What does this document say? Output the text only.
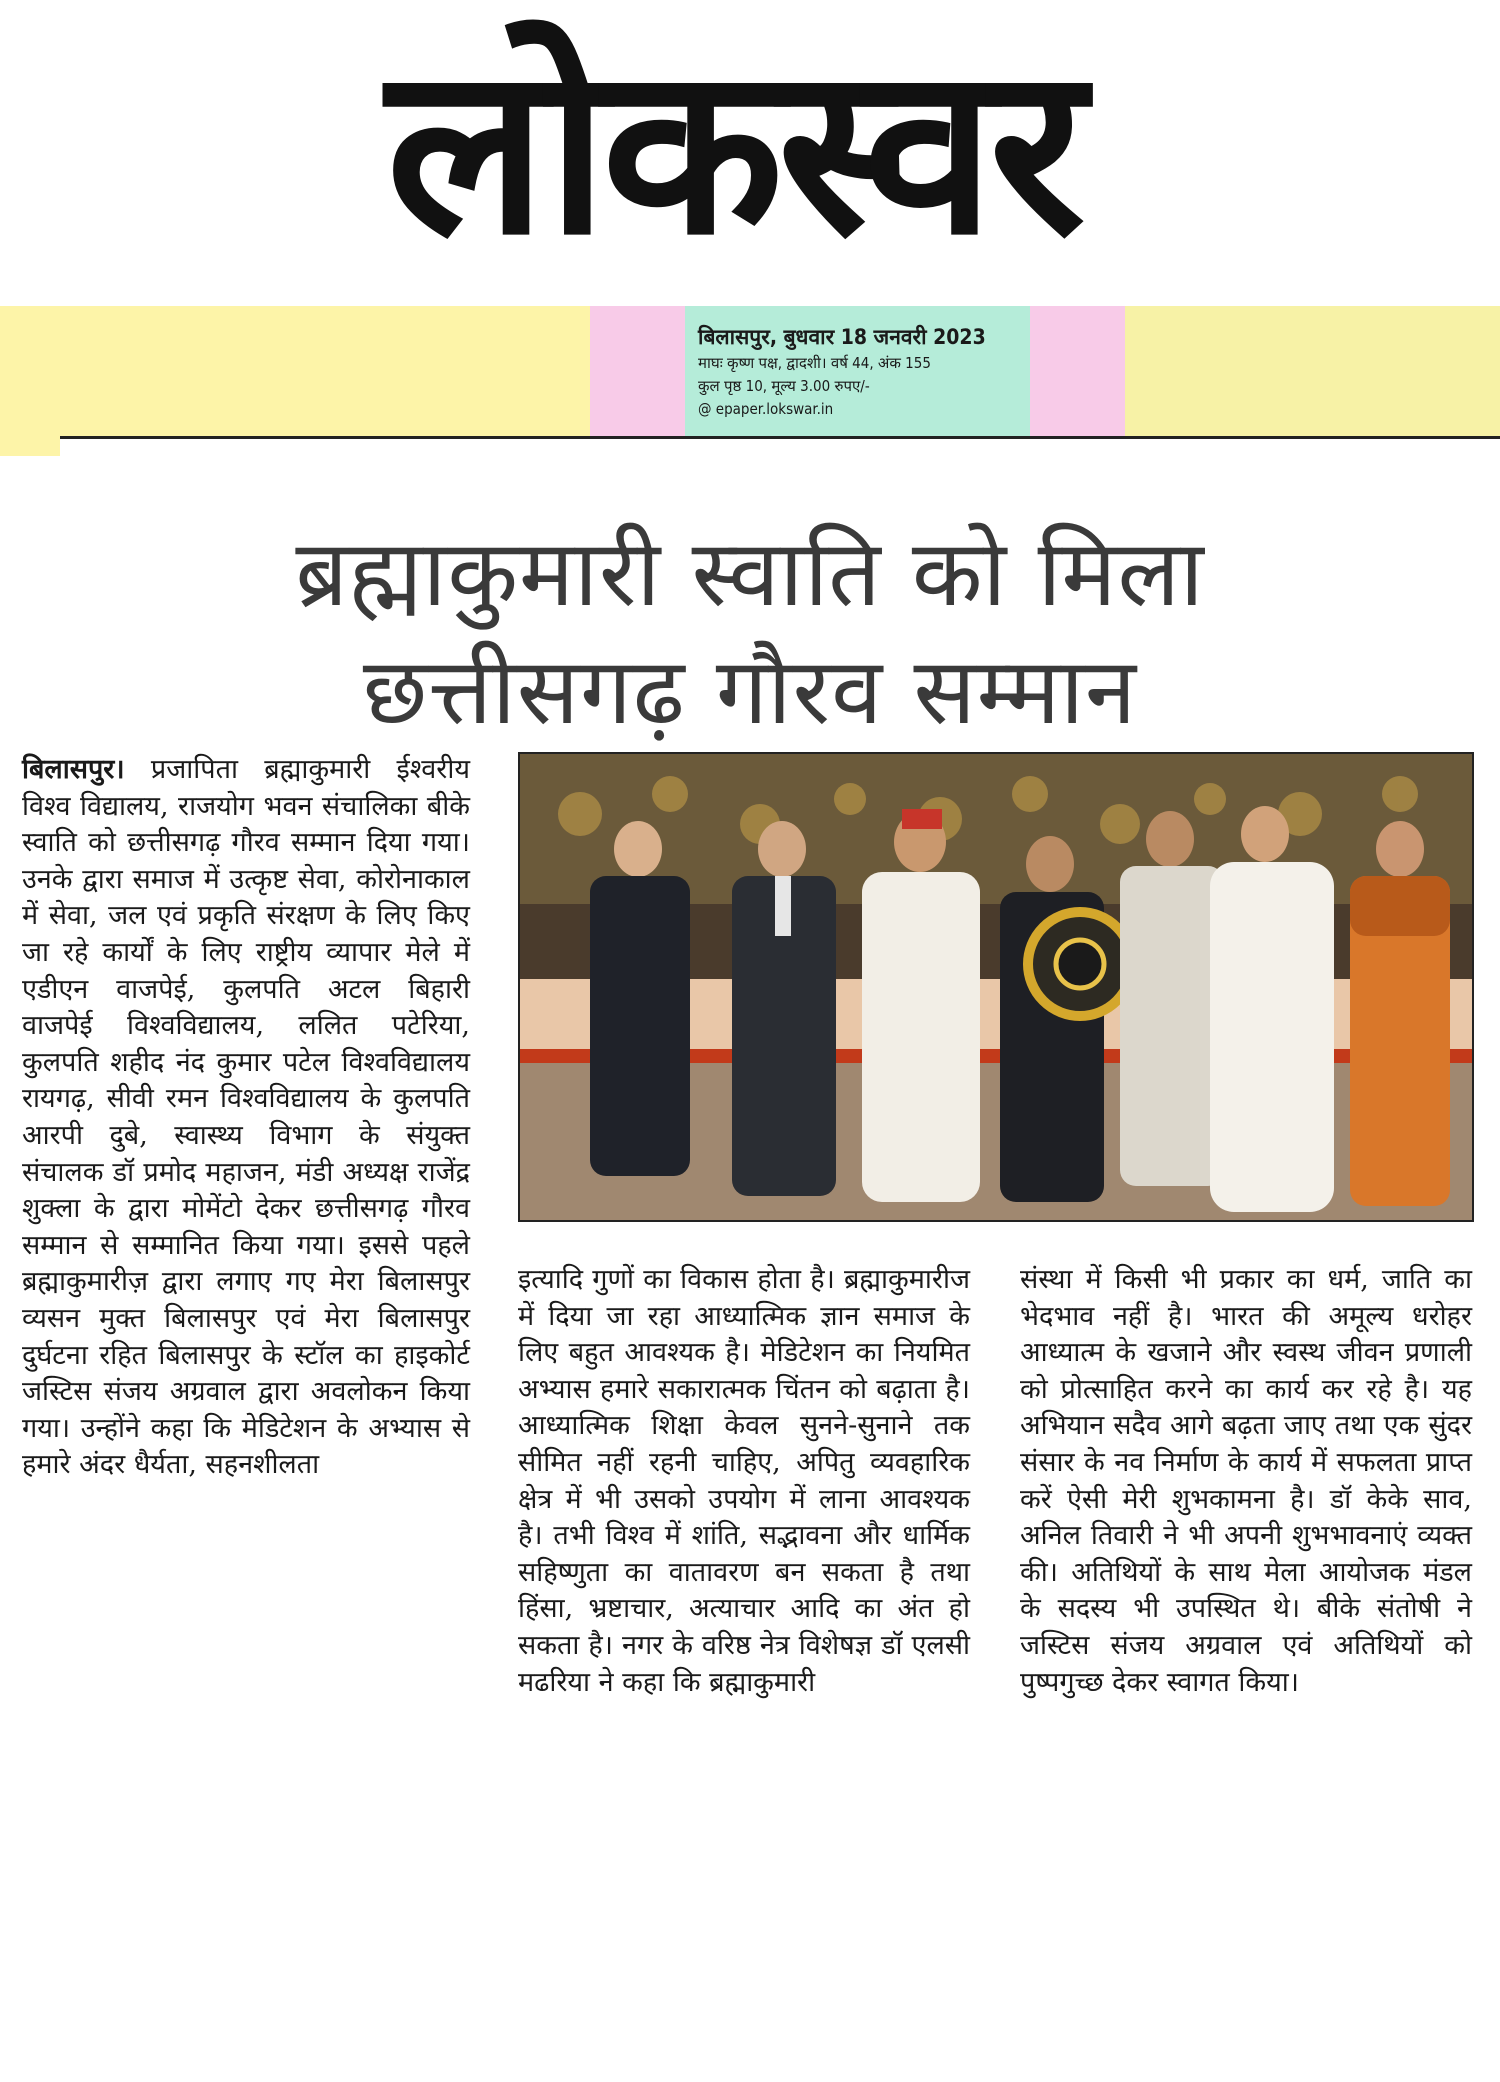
लोकस्वर
बिलासपुर, बुधवार 18 जनवरी 2023
माघः कृष्ण पक्ष, द्वादशी। वर्ष 44, अंक 155
कुल पृष्ठ 10, मूल्य 3.00 रुपए/-
@ epaper.lokswar.in
ब्रह्माकुमारी स्वाति को मिला
छत्तीसगढ़ गौरव सम्मान
बिलासपुर। प्रजापिता ब्रह्माकुमारी ईश्वरीय विश्व विद्यालय, राजयोग भवन संचालिका बीके स्वाति को छत्तीसगढ़ गौरव सम्मान दिया गया। उनके द्वारा समाज में उत्कृष्ट सेवा, कोरोनाकाल में सेवा, जल एवं प्रकृति संरक्षण के लिए किए जा रहे कार्यों के लिए राष्ट्रीय व्यापार मेले में एडीएन वाजपेई, कुलपति अटल बिहारी वाजपेई विश्वविद्यालय, ललित पटेरिया, कुलपति शहीद नंद कुमार पटेल विश्वविद्यालय रायगढ़, सीवी रमन विश्वविद्यालय के कुलपति आरपी दुबे, स्वास्थ्य विभाग के संयुक्त संचालक डॉ प्रमोद महाजन, मंडी अध्यक्ष राजेंद्र शुक्ला के द्वारा मोमेंटो देकर छत्तीसगढ़ गौरव सम्मान से सम्मानित किया गया। इससे पहले ब्रह्माकुमारीज़ द्वारा लगाए गए मेरा बिलासपुर व्यसन मुक्त बिलासपुर एवं मेरा बिलासपुर दुर्घटना रहित बिलासपुर के स्टॉल का हाइकोर्ट जस्टिस संजय अग्रवाल द्वारा अवलोकन किया गया। उन्होंने कहा कि मेडिटेशन के अभ्यास से हमारे अंदर धैर्यता, सहनशीलता
इत्यादि गुणों का विकास होता है। ब्रह्माकुमारीज में दिया जा रहा आध्यात्मिक ज्ञान समाज के लिए बहुत आवश्यक है। मेडिटेशन का नियमित अभ्यास हमारे सकारात्मक चिंतन को बढ़ाता है। आध्यात्मिक शिक्षा केवल सुनने-सुनाने तक सीमित नहीं रहनी चाहिए, अपितु व्यवहारिक क्षेत्र में भी उसको उपयोग में लाना आवश्यक है। तभी विश्व में शांति, सद्भावना और धार्मिक सहिष्णुता का वातावरण बन सकता है तथा हिंसा, भ्रष्टाचार, अत्याचार आदि का अंत हो सकता है। नगर के वरिष्ठ नेत्र विशेषज्ञ डॉ एलसी मढरिया ने कहा कि ब्रह्माकुमारी
संस्था में किसी भी प्रकार का धर्म, जाति का भेदभाव नहीं है। भारत की अमूल्य धरोहर आध्यात्म के खजाने और स्वस्थ जीवन प्रणाली को प्रोत्साहित करने का कार्य कर रहे है। यह अभियान सदैव आगे बढ़ता जाए तथा एक सुंदर संसार के नव निर्माण के कार्य में सफलता प्राप्त करें ऐसी मेरी शुभकामना है। डॉ केके साव, अनिल तिवारी ने भी अपनी शुभभावनाएं व्यक्त की। अतिथियों के साथ मेला आयोजक मंडल के सदस्य भी उपस्थित थे। बीके संतोषी ने जस्टिस संजय अग्रवाल एवं अतिथियों को पुष्पगुच्छ देकर स्वागत किया।
